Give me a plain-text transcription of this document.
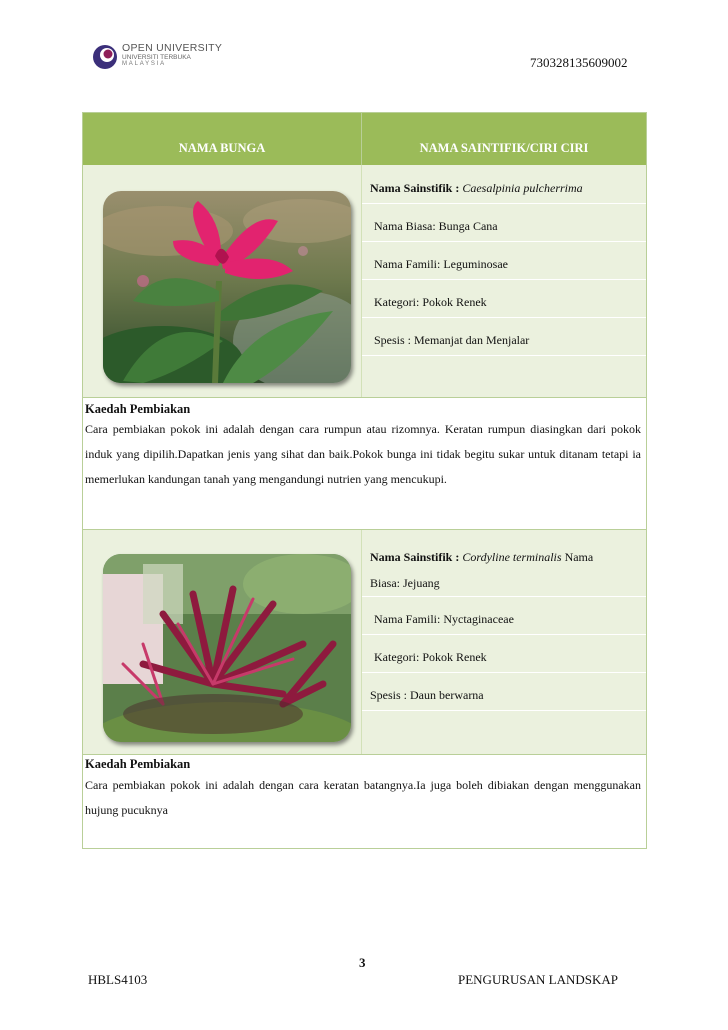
OPEN UNIVERSITY
UNIVERSITI TERBUKA
MALAYSIA	730328135609002
NAMA BUNGA	NAMA SAINTIFIK/CIRI CIRI
Nama Sainstifik : Caesalpinia pulcherrima
Nama Biasa: Bunga Cana
Nama Famili: Leguminosae
Kategori: Pokok Renek
Spesis : Memanjat dan Menjalar
Kaedah Pembiakan
Cara pembiakan pokok ini adalah dengan cara rumpun atau rizomnya. Keratan rumpun diasingkan dari pokok induk yang dipilih.Dapatkan jenis yang sihat dan baik.Pokok bunga ini tidak begitu sukar untuk ditanam tetapi ia memerlukan kandungan tanah yang mengandungi nutrien yang mencukupi.
Nama Sainstifik : Cordyline terminalis Nama
Biasa: Jejuang
Nama Famili: Nyctaginaceae
Kategori: Pokok Renek
Spesis : Daun berwarna
Kaedah Pembiakan
Cara pembiakan pokok ini adalah dengan cara keratan batangnya.Ia juga boleh dibiakan dengan menggunakan hujung pucuknya
3
HBLS4103	PENGURUSAN LANDSKAP
